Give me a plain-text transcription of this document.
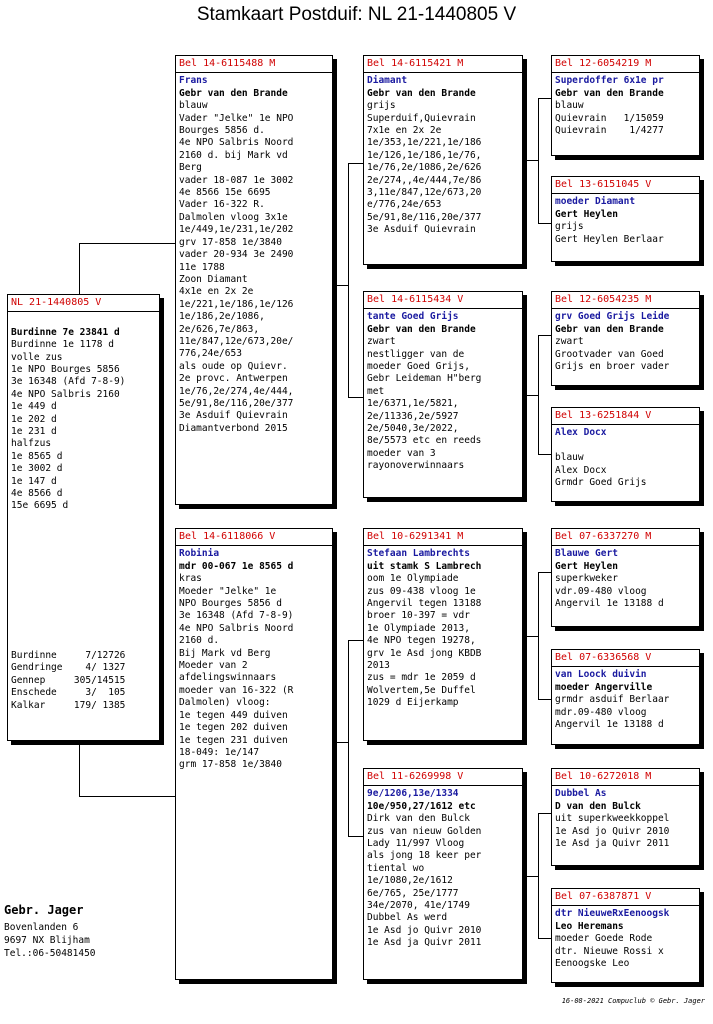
Stamkaart Postduif: NL 21-1440805 V
NL 21-1440805 V
Burdinne 7e 23841 d
Burdinne 1e 1178 d
volle zus
1e NPO Bourges 5856
3e 16348 (Afd 7-8-9)
4e NPO Salbris 2160
1e 449 d
1e 202 d
1e 231 d
halfzus
1e 8565 d
1e 3002 d
1e 147 d
4e 8566 d
15e 6695 d
Burdinne     7/12726
Gendringe    4/ 1327
Gennep     305/14515
Enschede     3/  105
Kalkar     179/ 1385
Bel 14-6115488 M
Frans
Gebr van den Brande
blauw
Vader "Jelke" 1e NPO
Bourges 5856 d.
4e NPO Salbris Noord
2160 d. bij Mark vd
Berg
vader 18-087 1e 3002
4e 8566 15e 6695
Vader 16-322 R.
Dalmolen vloog 3x1e
1e/449,1e/231,1e/202
grv 17-858 1e/3840
vader 20-934 3e 2490
11e 1788
Zoon Diamant
4x1e en 2x 2e
1e/221,1e/186,1e/126
1e/186,2e/1086,
2e/626,7e/863,
11e/847,12e/673,20e/
776,24e/653
als oude op Quievr.
2e provc. Antwerpen
1e/76,2e/274,4e/444,
5e/91,8e/116,20e/377
3e Asduif Quievrain
Diamantverbond 2015
Bel 14-6118066 V
Robinia
mdr 00-067 1e 8565 d
kras
Moeder "Jelke" 1e
NPO Bourges 5856 d
3e 16348 (Afd 7-8-9)
4e NPO Salbris Noord
2160 d.
Bij Mark vd Berg
Moeder van 2
afdelingswinnaars
moeder van 16-322 (R
Dalmolen) vloog:
1e tegen 449 duiven
1e tegen 202 duiven
1e tegen 231 duiven
18-049: 1e/147
grm 17-858 1e/3840
Bel 14-6115421 M
Diamant
Gebr van den Brande
grijs
Superduif,Quievrain
7x1e en 2x 2e
1e/353,1e/221,1e/186
1e/126,1e/186,1e/76,
1e/76,2e/1086,2e/626
2e/274,,4e/444,7e/86
3,11e/847,12e/673,20
e/776,24e/653
5e/91,8e/116,20e/377
3e Asduif Quievrain
Bel 14-6115434 V
tante Goed Grijs
Gebr van den Brande
zwart
nestligger van de
moeder Goed Grijs,
Gebr Leideman H"berg
met
1e/6371,1e/5821,
2e/11336,2e/5927
2e/5040,3e/2022,
8e/5573 etc en reeds
moeder van 3
rayonoverwinnaars
Bel 10-6291341 M
Stefaan Lambrechts
uit stamk S Lambrech
oom 1e Olympiade
zus 09-438 vloog 1e
Angervil tegen 13188
broer 10-397 = vdr
1e Olympiade 2013,
4e NPO tegen 19278,
grv 1e Asd jong KBDB
2013
zus = mdr 1e 2059 d
Wolvertem,5e Duffel
1029 d Eijerkamp
Bel 11-6269998 V
9e/1206,13e/1334
10e/950,27/1612 etc
Dirk van den Bulck
zus van nieuw Golden
Lady 11/997 Vloog
als jong 18 keer per
tiental wo
1e/1080,2e/1612
6e/765, 25e/1777
34e/2070, 41e/1749
Dubbel As werd
1e Asd jo Quivr 2010
1e Asd ja Quivr 2011
Bel 12-6054219 M
Superdoffer 6x1e pr
Gebr van den Brande
blauw
Quievrain   1/15059
Quievrain    1/4277
Bel 13-6151045 V
moeder Diamant
Gert Heylen
grijs
Gert Heylen Berlaar
Bel 12-6054235 M
grv Goed Grijs Leide
Gebr van den Brande
zwart
Grootvader van Goed
Grijs en broer vader
Bel 13-6251844 V
Alex Docx
blauw
Alex Docx
Grmdr Goed Grijs
Bel 07-6337270 M
Blauwe Gert
Gert Heylen
superkweker
vdr.09-480 vloog
Angervil 1e 13188 d
Bel 07-6336568 V
van Loock duivin
moeder Angerville
grmdr asduif Berlaar
mdr.09-480 vloog
Angervil 1e 13188 d
Bel 10-6272018 M
Dubbel As
D van den Bulck
uit superkweekkoppel
1e Asd jo Quivr 2010
1e Asd ja Quivr 2011
Bel 07-6387871 V
dtr NieuweRxEenoogsk
Leo Heremans
moeder Goede Rode
dtr. Nieuwe Rossi x
Eenoogske Leo
Gebr. Jager
Bovenlanden 6
9697 NX Blijham
Tel.:06-50481450
16-08-2021 Compuclub © Gebr. Jager
